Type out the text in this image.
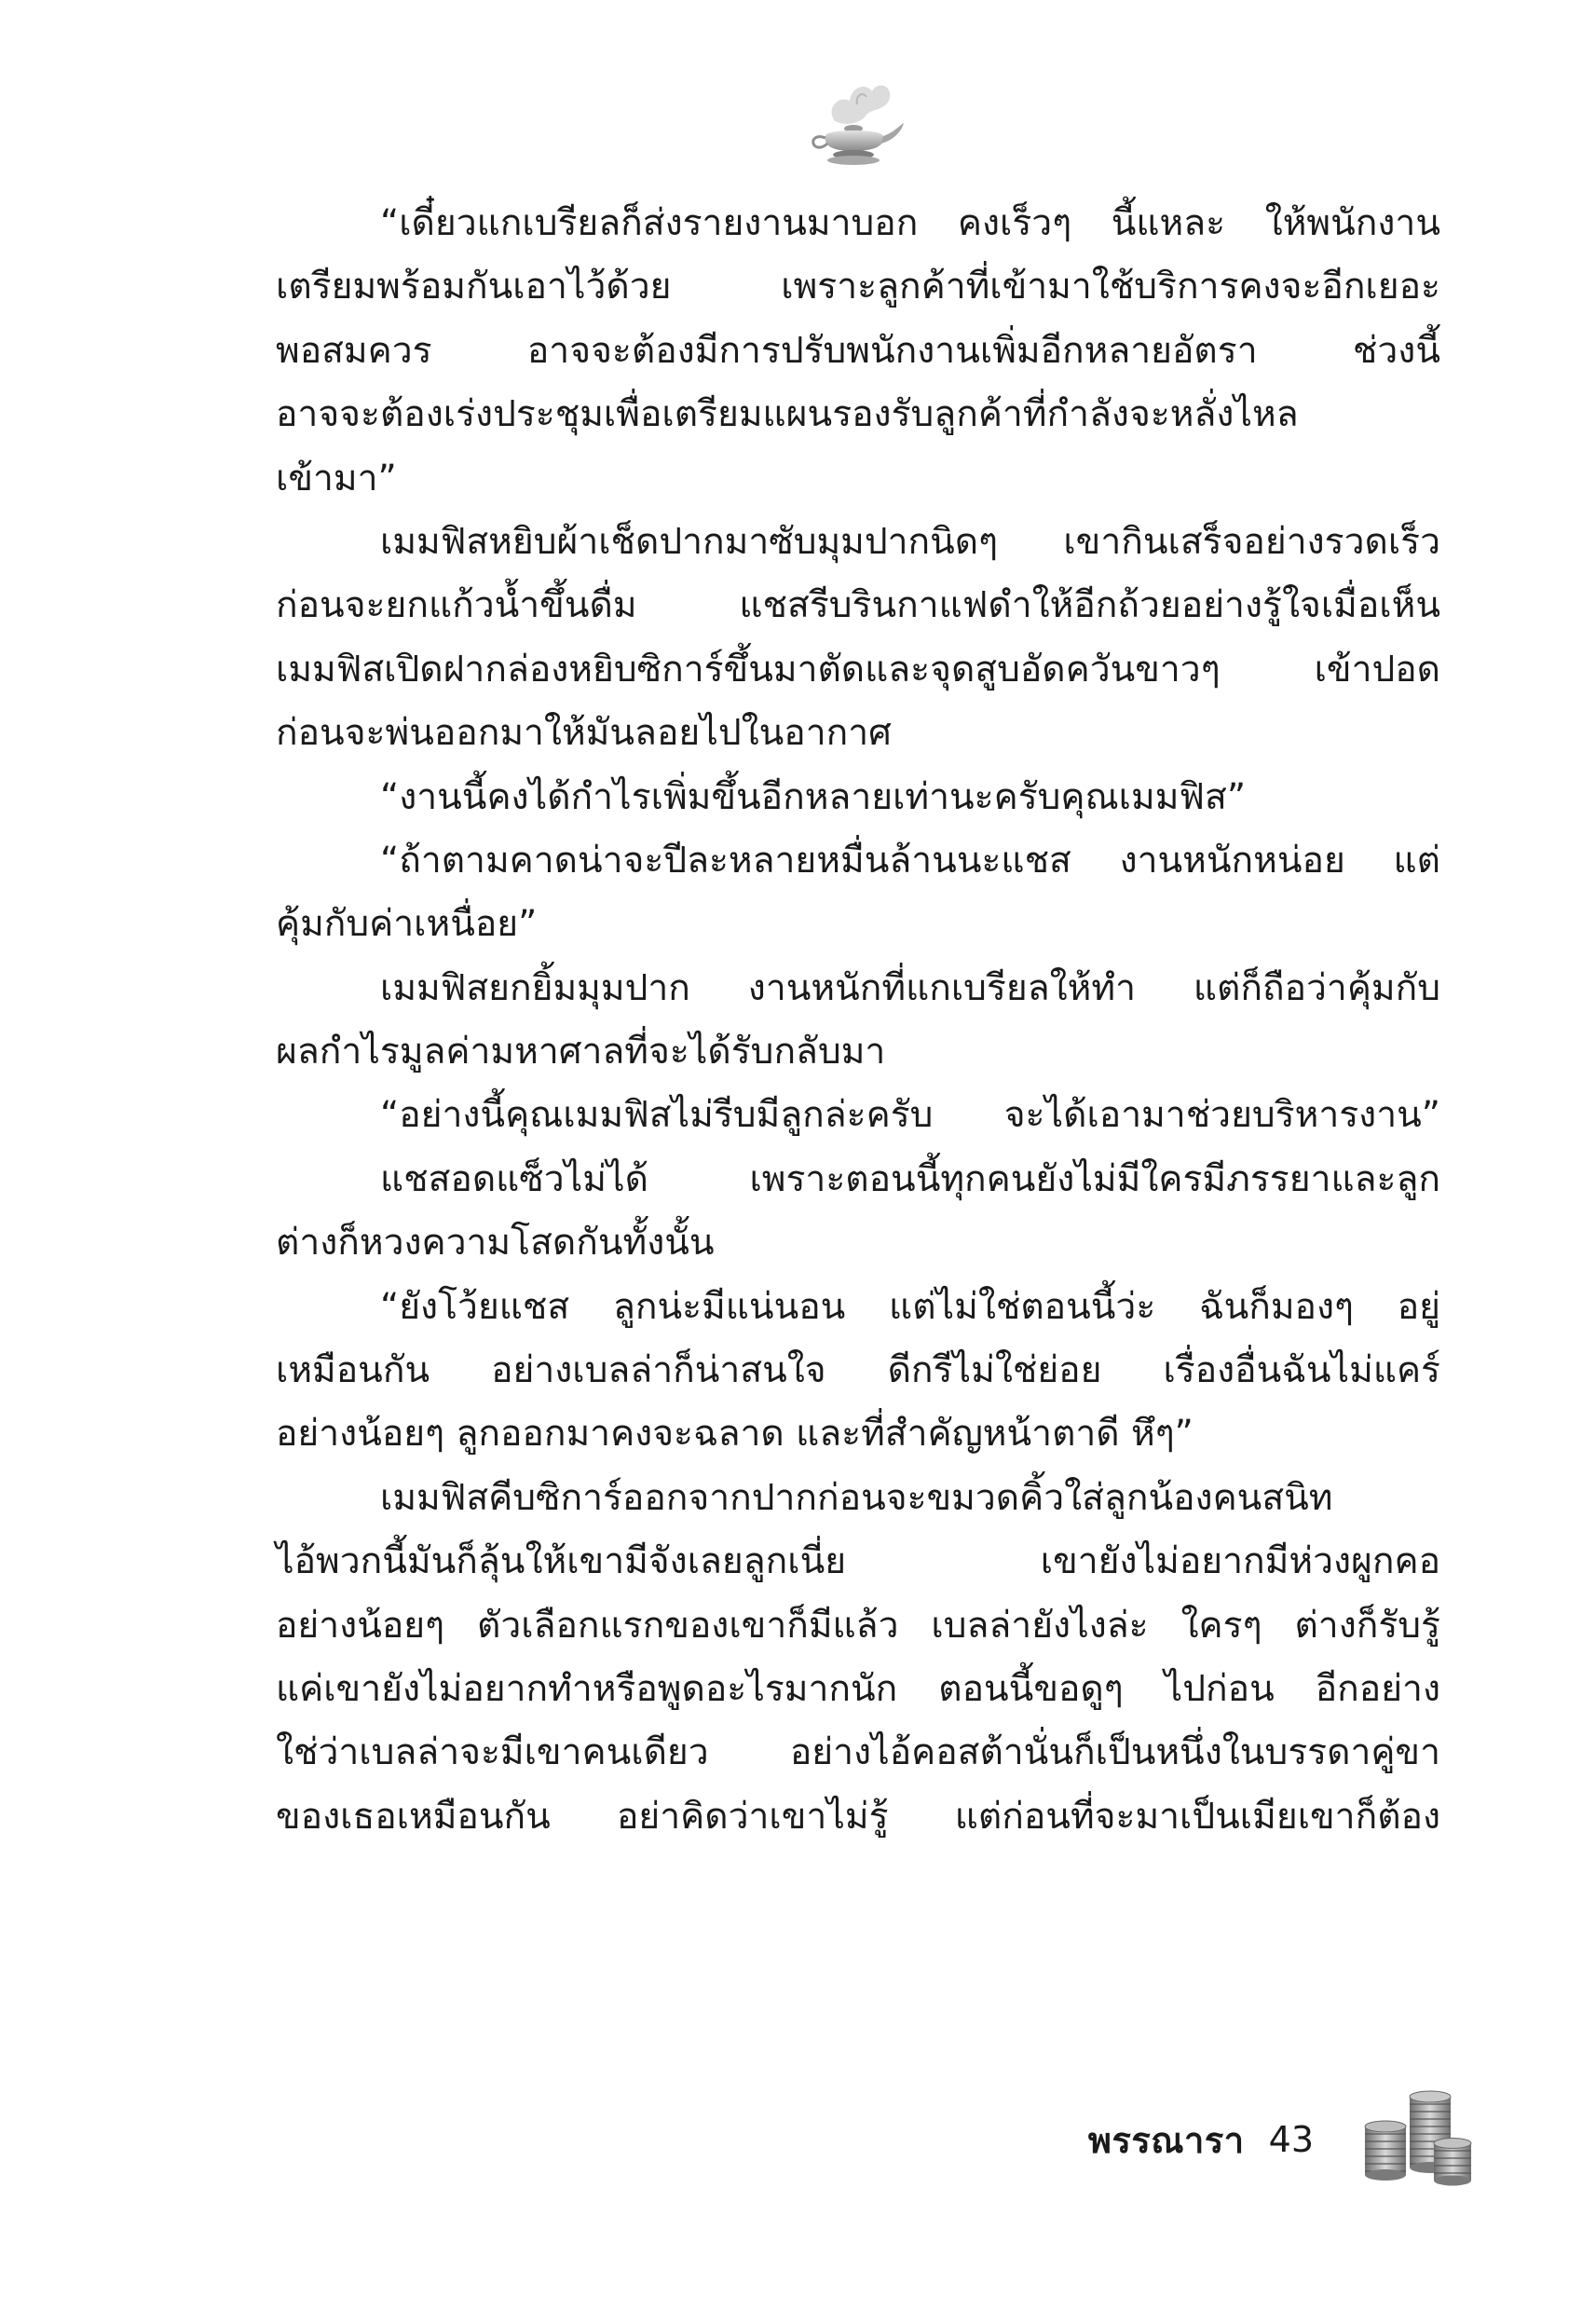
“เดี๋ยวแกเบรียลก็ส่งรายงานมาบอก คงเร็วๆ นี้แหละ ให้พนักงาน
เตรียมพร้อมกันเอาไว้ด้วย เพราะลูกค้าที่เข้ามาใช้บริการคงจะอีกเยอะ
พอสมควร อาจจะต้องมีการปรับพนักงานเพิ่มอีกหลายอัตรา ช่วงนี้
อาจจะต้องเร่งประชุมเพื่อเตรียมแผนรองรับลูกค้าที่กำลังจะหลั่งไหล
เข้ามา”
เมมฟิสหยิบผ้าเช็ดปากมาซับมุมปากนิดๆ เขากินเสร็จอย่างรวดเร็ว
ก่อนจะยกแก้วน้ำขึ้นดื่ม แชสรีบรินกาแฟดำให้อีกถ้วยอย่างรู้ใจเมื่อเห็น
เมมฟิสเปิดฝากล่องหยิบซิการ์ขึ้นมาตัดและจุดสูบอัดควันขาวๆ เข้าปอด
ก่อนจะพ่นออกมาให้มันลอยไปในอากาศ
“งานนี้คงได้กำไรเพิ่มขึ้นอีกหลายเท่านะครับคุณเมมฟิส”
“ถ้าตามคาดน่าจะปีละหลายหมื่นล้านนะแชส งานหนักหน่อย แต่
คุ้มกับค่าเหนื่อย”
เมมฟิสยกยิ้มมุมปาก งานหนักที่แกเบรียลให้ทำ แต่ก็ถือว่าคุ้มกับ
ผลกำไรมูลค่ามหาศาลที่จะได้รับกลับมา
“อย่างนี้คุณเมมฟิสไม่รีบมีลูกล่ะครับ จะได้เอามาช่วยบริหารงาน”
แชสอดแซ็วไม่ได้ เพราะตอนนี้ทุกคนยังไม่มีใครมีภรรยาและลูก
ต่างก็หวงความโสดกันทั้งนั้น
“ยังโว้ยแชส ลูกน่ะมีแน่นอน แต่ไม่ใช่ตอนนี้ว่ะ ฉันก็มองๆ อยู่
เหมือนกัน อย่างเบลล่าก็น่าสนใจ ดีกรีไม่ใช่ย่อย เรื่องอื่นฉันไม่แคร์
อย่างน้อยๆ ลูกออกมาคงจะฉลาด และที่สำคัญหน้าตาดี หึๆ”
เมมฟิสคีบซิการ์ออกจากปากก่อนจะขมวดคิ้วใส่ลูกน้องคนสนิท
ไอ้พวกนี้มันก็ลุ้นให้เขามีจังเลยลูกเนี่ย เขายังไม่อยากมีห่วงผูกคอ
อย่างน้อยๆ ตัวเลือกแรกของเขาก็มีแล้ว เบลล่ายังไงล่ะ ใครๆ ต่างก็รับรู้
แค่เขายังไม่อยากทำหรือพูดอะไรมากนัก ตอนนี้ขอดูๆ ไปก่อน อีกอย่าง
ใช่ว่าเบลล่าจะมีเขาคนเดียว อย่างไอ้คอสต้านั่นก็เป็นหนึ่งในบรรดาคู่ขา
ของเธอเหมือนกัน อย่าคิดว่าเขาไม่รู้ แต่ก่อนที่จะมาเป็นเมียเขาก็ต้อง
พรรณารา 43
